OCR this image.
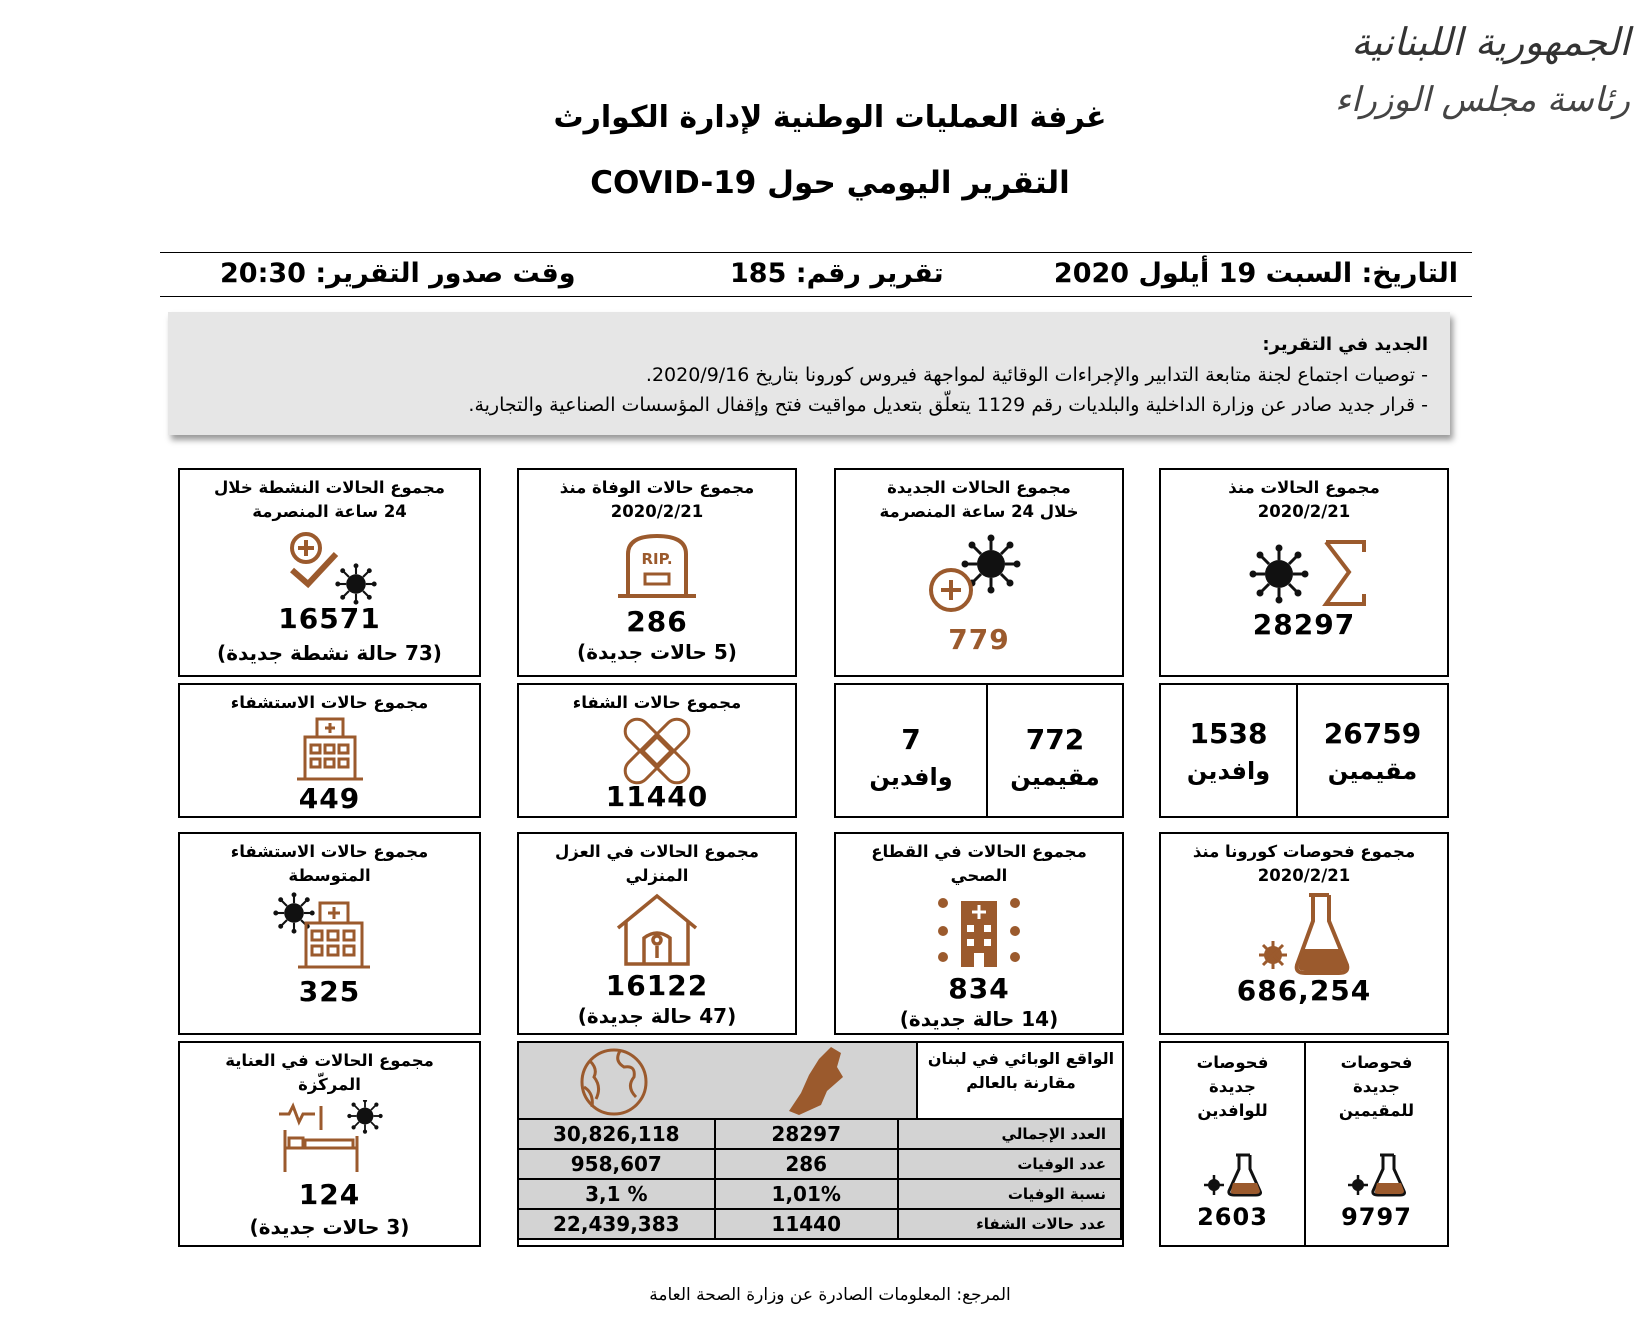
الجمهورية اللبنانية
رئاسة مجلس الوزراء
غرفة العمليات الوطنية لإدارة الكوارث
التقرير اليومي حول COVID-19
التاريخ: السبت 19 أيلول 2020
تقرير رقم: 185
وقت صدور التقرير: 20:30
الجديد في التقرير:
- توصيات اجتماع لجنة متابعة التدابير والإجراءات الوقائية لمواجهة فيروس كورونا بتاريخ 2020/9/16.
- قرار جديد صادر عن وزارة الداخلية والبلديات رقم 1129 يتعلّق بتعديل مواقيت فتح وإقفال المؤسسات الصناعية والتجارية.
مجموع الحالات منذ
2020/2/21
28297
مجموع الحالات الجديدة
خلال 24 ساعة المنصرمة
779
مجموع حالات الوفاة منذ
2020/2/21
RIP.
286
(5 حالات جديدة)
مجموع الحالات النشطة خلال
24 ساعة المنصرمة
16571
(73 حالة نشطة جديدة)
26759
مقيمين
1538
وافدين
772
مقيمين
7
وافدين
مجموع حالات الشفاء
11440
مجموع حالات الاستشفاء
449
مجموع فحوصات كورونا منذ
2020/2/21
686,254
مجموع الحالات في القطاع
الصحي
834
(14 حالة جديدة)
مجموع الحالات في العزل
المنزلي
16122
(47 حالة جديدة)
مجموع حالات الاستشفاء
المتوسطة
325
فحوصات جديدة للمقيمين
9797
فحوصات جديدة للوافدين
2603
الواقع الوبائي في لبنان مقارنة بالعالم
30,826,118	28297	العدد الإجمالي
958,607	286	عدد الوفيات
3,1 %	1,01%	نسبة الوفيات
22,439,383	11440	عدد حالات الشفاء
مجموع الحالات في العناية
المركّزة
124
(3 حالات جديدة)
المرجع: المعلومات الصادرة عن وزارة الصحة العامة
